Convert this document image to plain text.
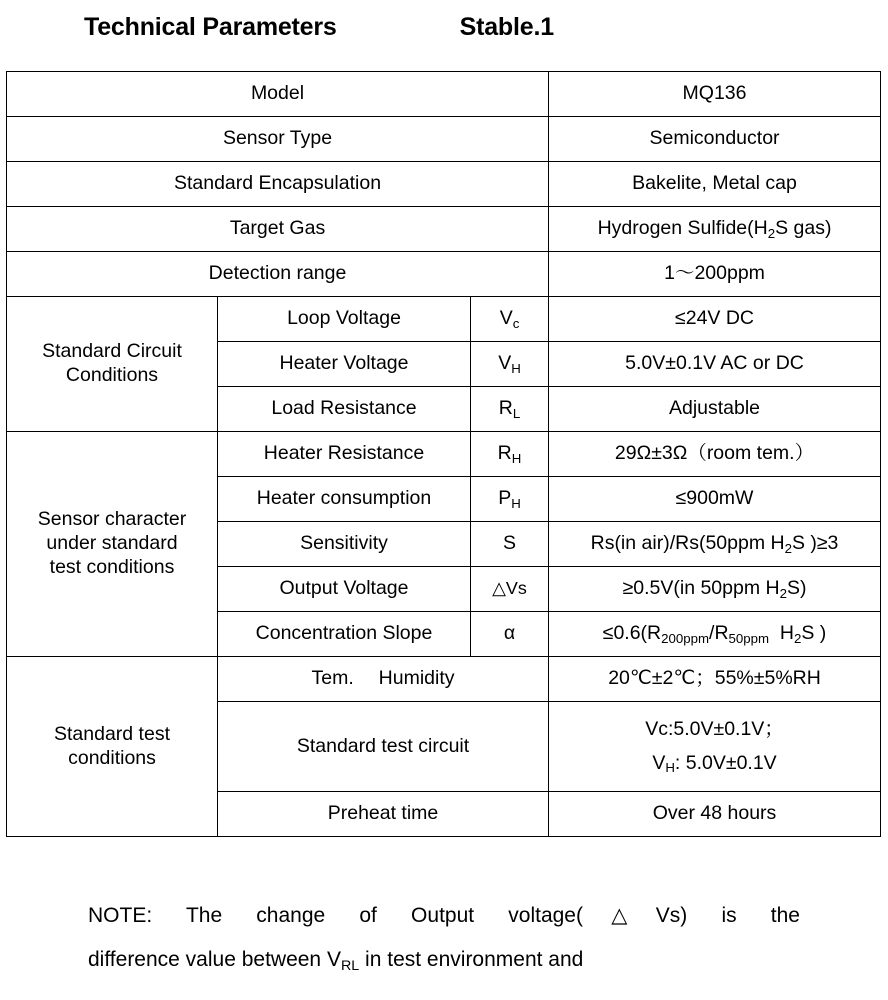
Technical Parameters	Stable.1
Model			MQ136
Sensor Type			Semiconductor
Standard Encapsulation			Bakelite, Metal cap
Target Gas			Hydrogen $Sulfide(H_2S$ gas)
Detection range			1～200ppm

Standard Circuit
Conditions	Loop Voltage	$V_c$	≤24V DC
	Heater Voltage	$V_H$	5.0V±0.1V AC or DC
	Load Resistance	$R_L$	Adjustable

Sensor character
under standard
test conditions	Heater Resistance	$R_H$	29Ω±3Ω（room tem.）
	Heater consumption	$P_H$	≤900mW
	Sensitivity	S	Rs(in air)/Rs(50ppm $H_2S$ )≥3
	Output Voltage	△Vs	≥0.5V(in 50ppm $H_2S$)
	Concentration Slope	α	$\le 0.6(R_{200ppm}/R_{50ppm}$  $H_2S$ )

Standard test
conditions	Tem.　 Humidity		20℃±2℃；55%±5%RH
	Standard test circuit		Vc:5.0V±0.1V；
$V_H$: 5.0V±0.1V

	Preheat time		Over 48 hours
NOTE: The change of Output voltage(△Vs) is the
difference value between $V_{RL}$ in test environment and
